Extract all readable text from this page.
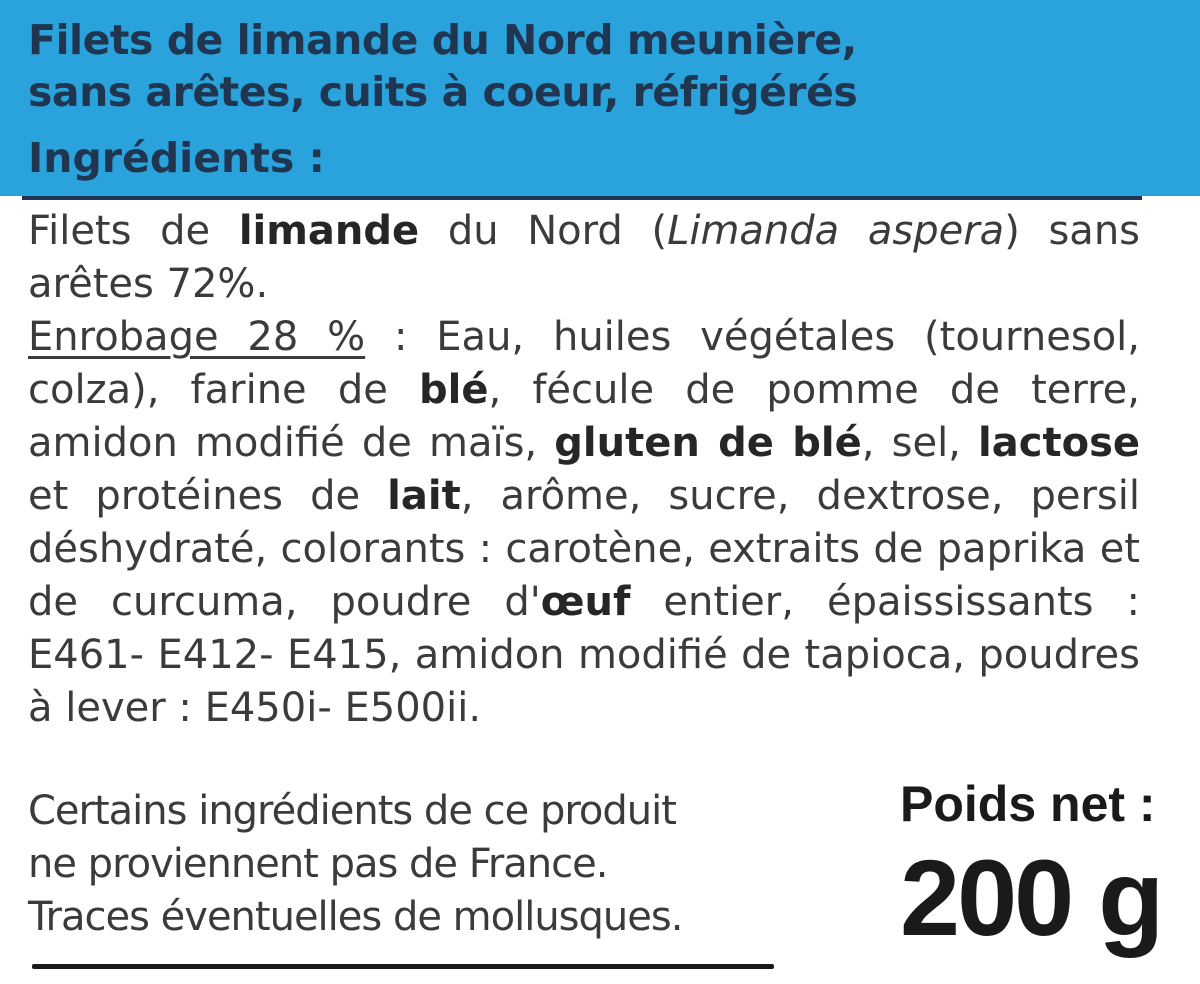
Filets de limande du Nord meunière,
sans arêtes, cuits à coeur, réfrigérés
Ingrédients :

Filets de limande du Nord (Limanda aspera) sans arêtes 72%.

Enrobage 28 % : Eau, huiles végétales (tournesol, colza), farine de blé, fécule de pomme de terre, amidon modifié de maïs, gluten de blé, sel, lactose et protéines de lait, arôme, sucre, dextrose, persil déshydraté, colorants : carotène, extraits de paprika et de curcuma, poudre d'œuf entier, épaississants : E461- E412- E415, amidon modifié de tapioca, poudres à lever : E450i- E500ii.

Certains ingrédients de ce produit
ne proviennent pas de France.
Traces éventuelles de mollusques.
Poids net :
200 g
